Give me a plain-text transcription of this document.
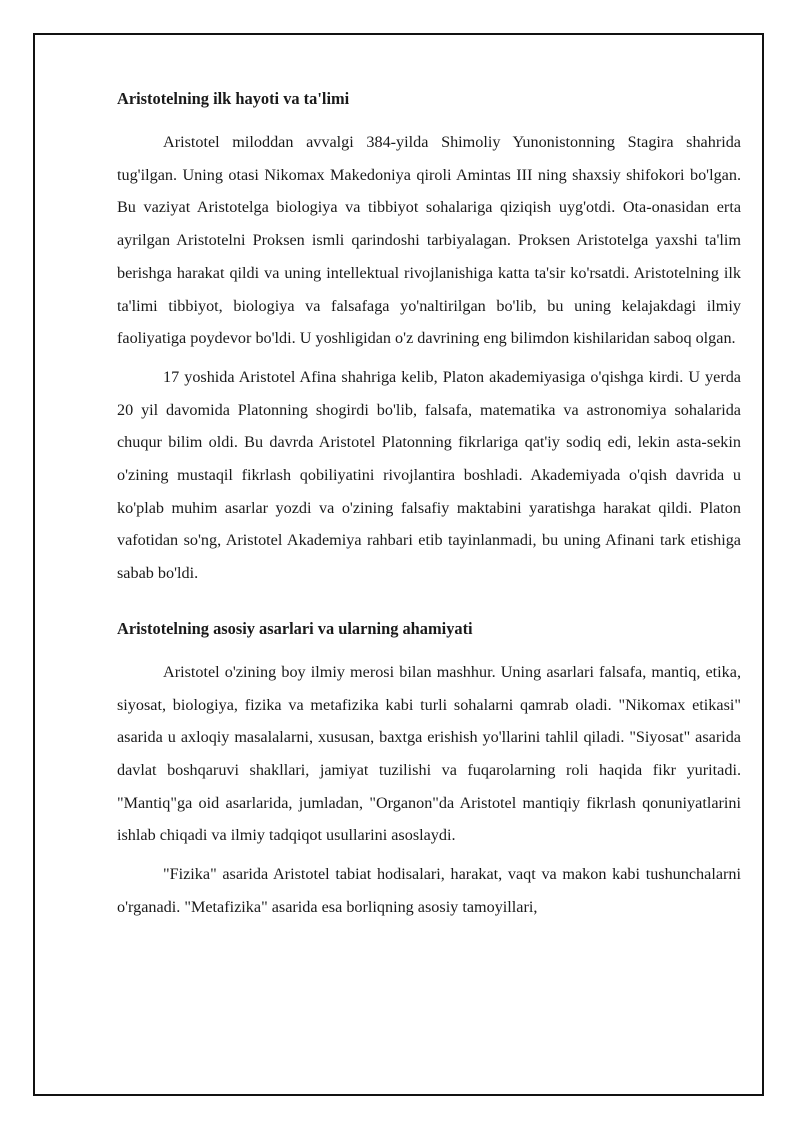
Aristotelning ilk hayoti va ta'limi

Aristotel miloddan avvalgi 384-yilda Shimoliy Yunonistonning Stagira shahrida tug'ilgan. Uning otasi Nikomax Makedoniya qiroli Amintas III ning shaxsiy shifokori bo'lgan. Bu vaziyat Aristotelga biologiya va tibbiyot sohalariga qiziqish uyg'otdi. Ota-onasidan erta ayrilgan Aristotelni Proksen ismli qarindoshi tarbiyalagan. Proksen Aristotelga yaxshi ta'lim berishga harakat qildi va uning intellektual rivojlanishiga katta ta'sir ko'rsatdi. Aristotelning ilk ta'limi tibbiyot, biologiya va falsafaga yo'naltirilgan bo'lib, bu uning kelajakdagi ilmiy faoliyatiga poydevor bo'ldi. U yoshligidan o'z davrining eng bilimdon kishilaridan saboq olgan.

17 yoshida Aristotel Afina shahriga kelib, Platon akademiyasiga o'qishga kirdi. U yerda 20 yil davomida Platonning shogirdi bo'lib, falsafa, matematika va astronomiya sohalarida chuqur bilim oldi. Bu davrda Aristotel Platonning fikrlariga qat'iy sodiq edi, lekin asta-sekin o'zining mustaqil fikrlash qobiliyatini rivojlantira boshladi. Akademiyada o'qish davrida u ko'plab muhim asarlar yozdi va o'zining falsafiy maktabini yaratishga harakat qildi. Platon vafotidan so'ng, Aristotel Akademiya rahbari etib tayinlanmadi, bu uning Afinani tark etishiga sabab bo'ldi.

Aristotelning asosiy asarlari va ularning ahamiyati

Aristotel o'zining boy ilmiy merosi bilan mashhur. Uning asarlari falsafa, mantiq, etika, siyosat, biologiya, fizika va metafizika kabi turli sohalarni qamrab oladi. "Nikomax etikasi" asarida u axloqiy masalalarni, xususan, baxtga erishish yo'llarini tahlil qiladi. "Siyosat" asarida davlat boshqaruvi shakllari, jamiyat tuzilishi va fuqarolarning roli haqida fikr yuritadi. "Mantiq"ga oid asarlarida, jumladan, "Organon"da Aristotel mantiqiy fikrlash qonuniyatlarini ishlab chiqadi va ilmiy tadqiqot usullarini asoslaydi.

"Fizika" asarida Aristotel tabiat hodisalari, harakat, vaqt va makon kabi tushunchalarni o'rganadi. "Metafizika" asarida esa borliqning asosiy tamoyillari,
